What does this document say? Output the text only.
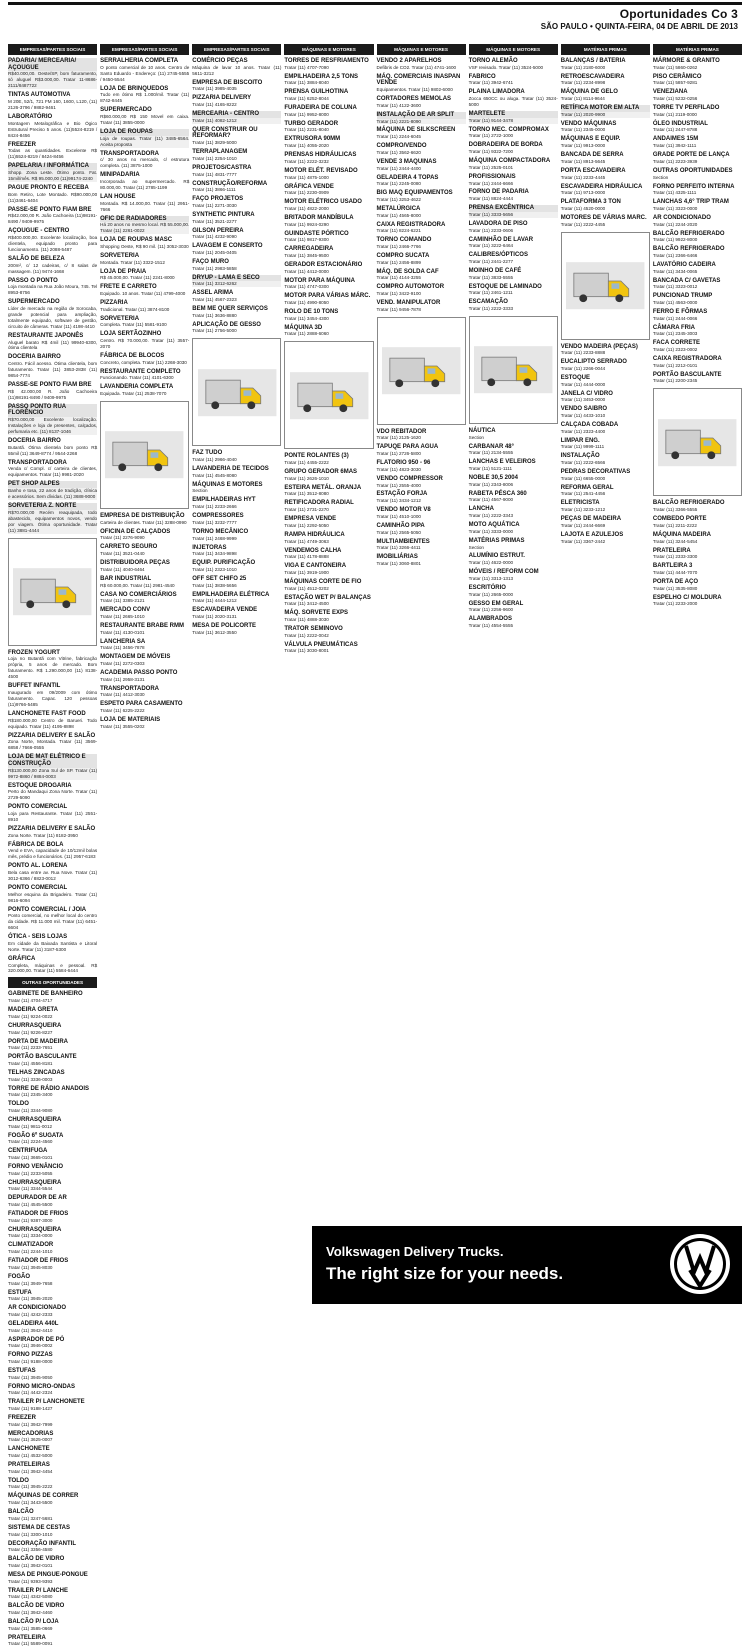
Oportunidades Co 3
SÃO PAULO • QUINTA-FEIRA, 04 DE ABRIL DE 2013
EMPRESAS/PARTES SOCIAIS
PADARIA/ MERCEARIA/ AÇOUGUE

R$40.000,00. Oeste/SP, bom faturamento, só aluguel R$3.000,00. Tratar 11-8686-2111/8487722

TINTAS AUTOMOTIVA

M 20E, 52/1, 721 FM 160, 1600, L120, (11) 2126-3796 / 9882-9461

LABORATÓRIO

Montagem Metalográfica e Bio Ógico Estrutural Preciso 5 anos. (11)5524-8219 / 8424-8456

FREEZER

Todas as quantidades. Excelente R$ (11)5524-8219 / 8424-8456

PAPELARIA / INFORMÁTICA

Shopp. Zona Leste. Ótimo ponto. Fat. 15mil/mês. R$ 95.000,00 (11)99174-2240

PAGUE PRONTO E RECEBA

Bom Retiro, Lote Montado. R$90.000,00 (11)3461-6404

PASSE-SE PONTO FIAM BRE

R$42.000,00 R. João Cachoeira (11)98191-8490 / 9409-9975

AÇOUGUE - CENTRO

R$400.000,00. Excelente localização, boa clientela, equipado pronto para funcionamento. (11) 2088-5487

SALÃO DE BELEZA

200m², c/ 12 cadeiras, c/ 8 salas de massagem. (11) 9474-1668

PASSO O PONTO

Loja montada na Rua João Moura, 745. Tel 8953-8756

SUPERMERCADO

Líder de mercado na região de Sorocaba, grande potencial para ampliação, totalmente equipado, software de gestão, circuito de câmeras. Tratar (11) 4198-4410

RESTAURANTE JAPONÊS

Aluguel barato R$ 4mil (11) 99940-6300, ótima clientela

DOCERIA BAIRRO

Centro. Fácil acesso. Ótima clientela, bom faturamento. Tratar (11) 3853-2838 (11) 9854-7774

PASSE-SE PONTO FIAM BRE

R$ 42.000,00 R. João Cachoeira (11)98191-8490 / 9409-9975

PASSO PONTO RUA FLORÊNCIO

R$70.000,00 Excelente localização. Instalações e loja de presentes, calçados, perfumaria etc. (11) 8137-1046

DOCERIA BAIRRO

Butantã. Ótima clientela bom ponto R$ 55mil (11) 3649-8774 / 9544-2268

TRANSPORTADORA

Venda c/ Compl. c/ carteira de clientes, equipamentos. Tratar (11) 9981-2020

PET SHOP ALPES

Banho e tosa, 22 anos de tradição, clínica e acessórios. Sem dívidas. (11) 3688-9000

SORVETERIA Z. NORTE

R$70.000,00 Recém reaquipada, todo abastecido, equipamentos novos, vendo por viagem. Ótima oportunidade. Tratar (11) 3881-4444

FROZEN YOGURT

Loja no Butantã com Vitrine, fabricação própria, 5 anos de mercado. Bom faturamento. R$ 1.290.000,00 (11) 8138-4500

BUFFET INFANTIL

Inaugurado em 09/2009 com ótimo faturamento. Capac. 120 pessoas (11)9766-5485

LANCHONETE FAST FOOD

R$180.000,00 Centro de Barueri. Todo equipado. Tratar (11) 4195-8898

PIZZARIA DELIVERY E SALÃO

Zona Norte, Montada. Tratar (11) 3569-6858 / 7666-0555

LOJA DE MAT ELÉTRICO E CONSTRUÇÃO

R$130.000,00 Zona Sul de SP. Tratar (11) 9972-8860 / 9884-0003

ESTOQUE DROGARIA

Perto do Mandaqui Zona Norte. Tratar (11) 2729-5090

PONTO COMERCIAL

Loja para Restaurante. Tratar (11) 2551-8910

PIZZARIA DELIVERY E SALÃO

Zona Norte. Tratar (11) 8182-3950

FÁBRICA DE BOLA

Vend e EVA, capacidade de 10/12mil bolas mês, prédio e funcionários. (11) 2957-6183

PONTO AL. LORENA

Bela casa entre av. Rua Nove. Tratar (11) 3012-6366 / 8823-0012

PONTO COMERCIAL

Melhor esquina da Brigadeiro. Tratar (11) 9816-6094

PONTO COMERCIAL / JOIA

Ponto comercial, no melhor local do centro da cidade. R$ 11.000 mil. Tratar (11) 6451-6604

ÓTICA - SEIS LOJAS

Em cidade da Baixada Santista e Litoral Norte. Tratar (11) 3187-5300

GRÁFICA

Completa, máquinas e pessoal. R$ 320.000,00. Tratar (11) 5584-6444

EMPRESAS/PARTES SOCIAIS
SERRALHERIA COMPLETA

O ponto comercial de 10 anos. Centro de Santo Eduardo - Endereço: (11) 2745-5555 / 9450-5544

LOJA DE BRINQUEDOS

Tudo em ótimo R$ 1.000/mil. Tratar (11) 8742-8445

SUPERMERCADO

R$60.000,00 R$ 150 Movel em caixa. Tratar (11) 3855-0000

LOJA DE ROUPAS

Loja de roupas. Tratar (11) 3485-6564. Aceita proposta

TRANSPORTADORA

c/ 30 anos no mercado, c/ estrutura completa. (11) 3875-1000

MINIPADARIA

Incorporada ao supermercado. R$ 80.000,00. Tratar (11) 2785-1199

LAN HOUSE

Montada. R$ 14.000,00. Tratar (11) 2951-7666

OFIC DE RADIADORES

Há 20 anos no mesmo local. R$ 55.000,00. Tratar (11) 2261-0022

LOJA DE ROUPAS MASC

Shopping Oeste, R$ 90 mil. (11) 3052-3030

SORVETERIA

Montada. Tratar (11) 3322-1512

LOJA DE PRAIA

R$ 45.000,00. Tratar (11) 2241-8000

FRETE E CARRETO

Equipado. 10 anos. Tratar (11) 4799-4000

PIZZARIA

Tradicional. Tratar (11) 3874-8100

SORVETERIA

Completa. Tratar (11) 5581-9100

LOJA SERTÃOZINHO

Centro. R$ 70.000,00. Tratar (11) 3557-2070

FÁBRICA DE BLOCOS

Concreto, completa. Tratar (11) 2268-3030

RESTAURANTE COMPLETO

Funcionando. Tratar (11) 4101-6300

LAVANDERIA COMPLETA

Equipada. Tratar (11) 2538-7070

EMPRESA DE DISTRIBUIÇÃO

Carteira de clientes. Tratar (11) 3288-0990

OFICINA DE CALÇADOS

Tratar (11) 2276-9090

CARRETO SEGURO

Tratar (11) 3521-0440

DISTRIBUIDORA PEÇAS

Tratar (11) 4040-6464

BAR INDUSTRIAL

R$ 60.000,00. Tratar (11) 2981-4540

CASA NO COMERCIÁRIOS

Tratar (11) 3385-2121

MERCADO CONV

Tratar (11) 2665-1010

RESTAURANTE BRABE RMM

Tratar (11) 4130-0101

LANCHERIA SA

Tratar (11) 3456-7878

MONTAGEM DE MÓVEIS

Tratar (11) 2272-0303

ACADEMIA PASSO PONTO

Tratar (11) 2958-3131

TRANSPORTADORA

Tratar (11) 4412-3030

ESPETO PARA CASAMENTO

Tratar (11) 6225-2222

LOJA DE MATERIAIS

Tratar (11) 3555-0202

EMPRESAS/PARTES SOCIAIS
COMÉRCIO PEÇAS

Máquina de lavar 10 anos. Tratar (11) 5611-3212

EMPRESA DE BISCOITO

Tratar (11) 3985-4035

PIZZARIA DELIVERY

Tratar (11) 4165-8222

MERCEARIA - CENTRO

Tratar (11) 4082-1212

QUER CONSTRUIR OU REFORMAR?

Tratar (11) 3829-5000

TERRAPLANAGEM

Tratar (11) 2254-1010

PROJETOS/CASTRA

Tratar (11) 4831-7777

CONSTRUÇÃO/REFORMA

Tratar (11) 3866-1111

FAÇO PROJETOS

Tratar (11) 2271-3030

SYNTHETIC PINTURA

Tratar (11) 3521-2277

GILSON PEREIRA

Tratar (11) 4232-9090

LAVAGEM E CONSERTO

Tratar (11) 2045-0405

FAÇO MURO

Tratar (11) 2983-5858

DRYUP - LAMA E SECO

Tratar (11) 3312-6262

ASSEL ARIMA

Tratar (11) 4567-2323

BEM ME QUER SERVIÇOS

Tratar (11) 3636-8880

APLICAÇÃO DE GESSO

Tratar (11) 2756-5000

FAZ TUDO

Tratar (11) 2966-4040

LAVANDERIA DE TECIDOS

Tratar (11) 4545-8080

MÁQUINAS E MOTORES

Section

EMPILHADEIRAS HYT

Tratar (11) 2233-2666

COMPRESSORES

Tratar (11) 3232-7777

TORNO MECÂNICO

Tratar (11) 2468-9999

INJETORAS

Tratar (11) 3434-9898

EQUIP. PURIFICAÇÃO

Tratar (11) 2323-1010

OFF SET CHIFO 25

Tratar (11) 3838-5656

EMPILHADEIRA ELÉTRICA

Tratar (11) 4444-1212

ESCAVADEIRA VENDE

Tratar (11) 2020-3131

MESA DE POLICORTE

Tratar (11) 3612-3550

MÁQUINAS E MOTORES
TORRES DE RESFRIAMENTO

Tratar (11) 4707-7090

EMPILHADEIRA 2,5 TONS

Tratar (11) 3884-8040

PRENSA GUILHOTINA

Tratar (11) 6252-8044

FURADEIRA DE COLUNA

Tratar (11) 9952-8000

TURBO GERADOR

Tratar (11) 2231-8040

EXTRUSORA 90MM

Tratar (11) 4055-2020

PRENSAS HIDRÁULICAS

Tratar (11) 2222-3232

MOTOR ELÉT. REVISADO

Tratar (11) 4875-1000

GRÁFICA VENDE

Tratar (11) 2230-0909

MOTOR ELÉTRICO USADO

Tratar (11) 4822-2000

BRITADOR MANDÍBULA

Tratar (11) 9924-0290

GUINDASTE PÓRTICO

Tratar (11) 9817-9300

CARREGADEIRA

Tratar (11) 3845-9500

GERADOR ESTACIONÁRIO

Tratar (11) 4412-0000

MOTOR PARA MÁQUINA

Tratar (11) 4747-0300

MOTOR PARA VÁRIAS MÁRC.

Tratar (11) 4990-8050

ROLO DE 10 TONS

Tratar (11) 3454-4300

MÁQUINA 3D

Tratar (11) 2888-6060

PONTE ROLANTES (3)

Tratar (11) 4455-2222

GRUPO GERADOR 6MAS

Tratar (11) 2626-1010

ESTEIRA METÁL. ORANJA

Tratar (11) 3512-8080

RETIFICADORA RADIAL

Tratar (11) 2731-2270

EMPRESA VENDE

Tratar (11) 2292-5050

RAMPA HIDRÁULICA

Tratar (11) 4749-3063

VENDEMOS CALHA

Tratar (11) 4178-8888

VIGA E CANTONEIRA

Tratar (11) 3919-1900

MÁQUINAS CORTE DE FIO

Tratar (11) 4512-0202

ESTAÇÃO WET P/ BALANÇAS

Tratar (11) 3412-4500

MÁQ. SORVETE EXPS

Tratar (11) 4888-3030

TRATOR SEMINOVO

Tratar (11) 2222-0042

VÁLVULA PNEUMÁTICAS

Tratar (11) 3030-8001

MÁQUINAS E MOTORES
VENDO 2 APARELHOS

Defibris de CO2. Tratar (11) 4741-1600

MÁQ. COMERCIAIS INASPAN VENDE

Equipamentos. Tratar (11) 9802-6000

CORTADORES MEMOLAS

Tratar (11) 4122-3600

INSTALAÇÃO DE AR SPLIT

Tratar (11) 2221-8090

MÁQUINA DE SILKSCREEN

Tratar (11) 2244-6045

COMPRO/VENDO

Tratar (11) 3562-6620

VENDE 3 MAQUINAS

Tratar (11) 2444-4400

GELADEIRA 4 TOPAS

Tratar (11) 2245-0080

BIG MAQ EQUIPAMENTOS

Tratar (11) 3253-4622

METALÚRGICA

Tratar (11) 4565-8000

CAIXA REGISTRADORA

Tratar (11) 8224-6221

TORNO COMANDO

Tratar (11) 2466-7766

COMPRO SUCATA

Tratar (11) 2456-8899

MÁQ. DE SOLDA CAF

Tratar (11) 4144-3255

COMPRO AUTOMOTOR

Tratar (11) 3422-9100

VEND. MANIPULATOR

Tratar (11) 9456-7878

VDO REBITADOR

Tratar (11) 2125-1620

TAPUQE PARA AGUA

Tratar (11) 2726-5800

FLATORIO 950 - 96

Tratar (11) 4823-3030

VENDO COMPRESSOR

Tratar (11) 2555-4000

ESTAÇÃO FORJA

Tratar (11) 3434-1212

VENDO MOTOR V8

Tratar (11) 4510-1000

CAMINHÃO PIPA

Tratar (11) 2565-5050

MULTIAMBIENTES

Tratar (11) 3266-4411

IMOBILIÁRIAS

Tratar (11) 3060-8801

MÁQUINAS E MOTORES
TORNO ALEMÃO

VSF revisado. Tratar (11) 3524-5000

FABRICO

Tratar (11) 3942-6741

PLAINA LIMADORA

Zocca 650CC ou aluga. Tratar (11) 3524-5000

MARTELETE

Tratar (11) 9144-3478

TORNO MEC. COMPROMAX

Tratar (11) 2722-1000

DOBRADEIRA DE BORDA

Tratar (11) 9322-7200

MÁQUINA COMPACTADORA

Tratar (11) 2525-0101

PROFISSIONAIS

Tratar (11) 2444-6666

FORNO DE PADARIA

Tratar (11) 8824-4444

PRENSA EXCÊNTRICA

Tratar (11) 3333-5656

LAVADORA DE PISO

Tratar (11) 2233-0606

CAMINHÃO DE LAVAR

Tratar (11) 3222-6464

CALIBRES/ÓPTICOS

Tratar (11) 2441-2277

MOINHO DE CAFÉ

Tratar (11) 3833-5555

ESTOQUE DE LAMINADO

Tratar (11) 2461-1211

ESCAMAÇÃO

Tratar (11) 2222-3333

NÁUTICA

Section

CARBANAR 48°

Tratar (11) 2134-5555

LANCHAS E VELEIROS

Tratar (11) 5121-1111

NOBLE 30,5 2004

Tratar (11) 2343-8006

RABETA PÉSCA 360

Tratar (11) 4567-9000

LANCHA

Tratar (11) 2222-3343

MOTO AQUÁTICA

Tratar (11) 3333-0000

MATÉRIAS PRIMAS

Section

ALUMÍNIO ESTRUT.

Tratar (11) 4622-0000

MÓVEIS / REFORM COM

Tratar (11) 3313-1313

ESCRITÓRIO

Tratar (11) 2665-0000

GESSO EM GERAL

Tratar (11) 2256-9600

ALAMBRADOS

Tratar (11) 4554-5555

MATÉRIAS PRIMAS
BALANÇAS / BATERIA

Tratar (11) 2180-6000

RETROESCAVADEIRA

Tratar (11) 2234-8998

MÁQUINA DE GELO

Tratar (11) 8114-9644

RETÍFICA MOTOR EM ALTA

Tratar (11) 2020-9900

VENDO MÁQUINAS

Tratar (11) 2345-0000

MÁQUINAS E EQUIP.

Tratar (11) 9913-0000

BANCADA DE SERRA

Tratar (11) 8913-5645

PORTA ESCAVADEIRA

Tratar (11) 2233-4445

ESCAVADEIRA HIDRÁULICA

Tratar (11) 9713-0000

PLATAFORMA 3 TON

Tratar (11) 4520-0000

MOTORES DE VÁRIAS MARC.

Tratar (11) 2222-4455

VENDO MADEIRA (PEÇAS)

Tratar (11) 2233-8888

EUCALIPTO SERRADO

Tratar (11) 2266-0044

ESTOQUE

Tratar (11) 4444-0000

JANELA C/ VIDRO

Tratar (11) 3453-0000

VENDO SAIBRO

Tratar (11) 4433-1010

CALÇADA COBADA

Tratar (11) 2323-4400

LIMPAR ENG.

Tratar (11) 9999-1111

INSTALAÇÃO

Tratar (11) 2222-6566

PEDRAS DECORATIVAS

Tratar (11) 6655-0000

REFORMA GERAL

Tratar (11) 2541-4456

ELETRICISTA

Tratar (11) 3233-1212

PEÇAS DE MADEIRA

Tratar (11) 2444-6669

LAJOTA E AZULEJOS

Tratar (11) 3367-2442

MATÉRIAS PRIMAS
MÁRMORE & GRANITO

Tratar (11) 5860-0262

PISO CERÂMICO

Tratar (11) 5857-9281

VENEZIANA

Tratar (11) 5232-0256

TORRE TV PERFILADO

Tratar (11) 2119-0000

ÓLEO INDUSTRIAL

Tratar (11) 2447-8788

ANDAIMES 15M

Tratar (11) 3942-1111

GRADE PORTE DE LANÇA

Tratar (11) 2223-3939

OUTRAS OPORTUNIDADES

Section

FORNO PERFEITO INTERNA

Tratar (11) 4325-1111

LANCHAS 4,6° TRIP TRAM

Tratar (11) 3323-0000

AR CONDICIONADO

Tratar (11) 2244-2020

BALCÃO REFRIGERADO

Tratar (11) 9922-8000

BALCÃO REFRIGERADO

Tratar (11) 2366-6466

LAVATÓRIO CADEIRA

Tratar (11) 3434-0065

BANCADA C/ GAVETAS

Tratar (11) 3323-0012

PUNCIONAD TRUMP

Tratar (11) 4563-0000

FERRO E FÔRMAS

Tratar (11) 2444-0066

CÂMARA FRIA

Tratar (11) 2345-3003

FACA CORRETE

Tratar (11) 2323-0002

CAIXA REGISTRADORA

Tratar (11) 2212-0101

PORTÃO BASCULANTE

Tratar (11) 2200-2345

BALCÃO REFRIGERADO

Tratar (11) 3366-5555

COMBEDO PORTE

Tratar (11) 2211-2222

MÁQUINA MADEIRA

Tratar (11) 3244-5454

PRATELEIRA

Tratar (11) 2333-3300

BARTLEIRA 3

Tratar (11) 4444-7070

PORTA DE AÇO

Tratar (11) 3535-8080

ESPELHO C/ MOLDURA

Tratar (11) 2233-2000

OUTRAS OPORTUNIDADES
GABINETE DE BANHEIRO

Tratar (11) 4704-4717

MADEIRA GRETA

Tratar (11) 9224-0022

CHURRASQUEIRA

Tratar (11) 9226-8227

PORTA DE MADEIRA

Tratar (11) 2233-7651

PORTÃO BASCULANTE

Tratar (11) 4556-8181

TELHAS ZINCADAS

Tratar (11) 3336-0003

TORRE DE RÁDIO ANADOIS

Tratar (11) 2345-3400

TOLDO

Tratar (11) 3344-9080

CHURRASQUEIRA

Tratar (11) 9811-0012

FOGÃO 6º SUGATA

Tratar (11) 2224-4560

CENTRIFUGA

Tratar (11) 3665-0101

FORNO VENÂNCIO

Tratar (11) 2233-5055

CHURRASQUEIRA

Tratar (11) 3344-5544

DEPURADOR DE AR

Tratar (11) 4545-5500

FATIADOR DE FRIOS

Tratar (11) 9387-3000

CHURRASQUEIRA

Tratar (11) 3334-0000

CLIMATIZADOR

Tratar (11) 2244-1010

FATIADOR DE FRIOS

Tratar (11) 3945-8030

FOGÃO

Tratar (11) 3949-7658

ESTUFA

Tratar (11) 3945-2020

AR CONDICIONADO

Tratar (11) 4242-2333

GELADEIRA 440L

Tratar (11) 3942-4410

ASPIRADOR DE PÓ

Tratar (11) 3946-0002

FORNO PIZZAS

Tratar (11) 9188-0000

ESTUFAS

Tratar (11) 3945-9050

FORNO MICRO-ONDAS

Tratar (11) 4442-2324

TRAILER P/ LANCHONETE

Tratar (11) 9188-1427

FREEZER

Tratar (11) 3942-7999

MERCADORIAS

Tratar (11) 3625-0007

LANCHONETE

Tratar (11) 4532-5000

PRATELEIRAS

Tratar (11) 3942-4454

TOLDO

Tratar (11) 3945-2222

MÁQUINAS DE CORRER

Tratar (11) 3443-5500

BALCÃO

Tratar (11) 3247-5681

SISTEMA DE CESTAS

Tratar (11) 3300-1010

DECORAÇÃO INFANTIL

Tratar (11) 3356-4580

BALCÃO DE VIDRO

Tratar (11) 3942-0101

MESA DE PINGUE-PONGUE

Tratar (11) 9393-9393

TRAILER P/ LANCHE

Tratar (11) 4342-5080

BALCÃO DE VIDRO

Tratar (11) 3942-4460

BALCÃO P/ LOJA

Tratar (11) 3585-0669

PRATELEIRA

Tratar (11) 5589-0091

Volkswagen Delivery Trucks.
The right size for your needs.
